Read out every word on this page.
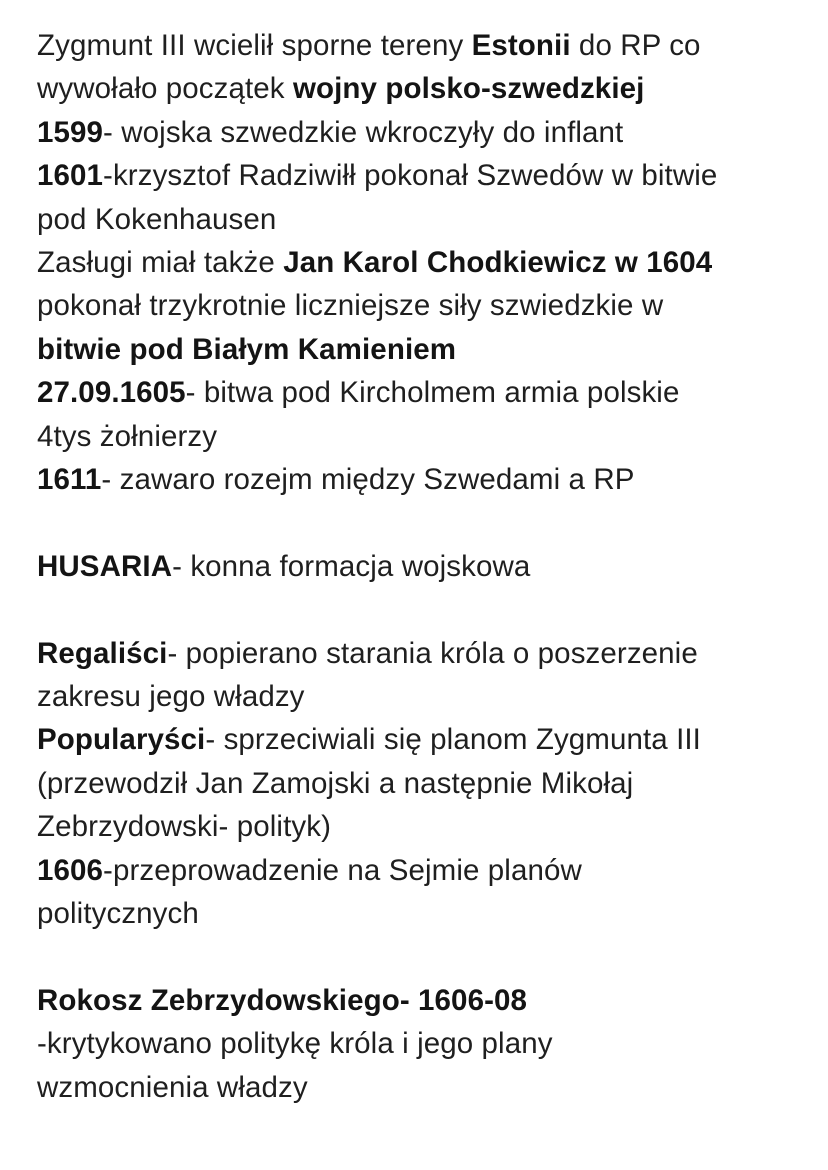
Zygmunt III wcielił sporne tereny Estonii do RP co
wywołało początek wojny polsko-szwedzkiej
1599- wojska szwedzkie wkroczyły do inflant
1601-krzysztof Radziwiłł pokonał Szwedów w bitwie
pod Kokenhausen
Zasługi miał także Jan Karol Chodkiewicz w 1604
pokonał trzykrotnie liczniejsze siły szwiedzkie w
bitwie pod Białym Kamieniem
27.09.1605- bitwa pod Kircholmem armia polskie
4tys żołnierzy
1611- zawaro rozejm między Szwedami a RP
HUSARIA- konna formacja wojskowa
Regaliści- popierano starania króla o poszerzenie
zakresu jego władzy
Popularyści- sprzeciwiali się planom Zygmunta III
(przewodził Jan Zamojski a następnie Mikołaj
Zebrzydowski- polityk)
1606-przeprowadzenie na Sejmie planów
politycznych
Rokosz Zebrzydowskiego- 1606-08
-krytykowano politykę króla i jego plany
wzmocnienia władzy
